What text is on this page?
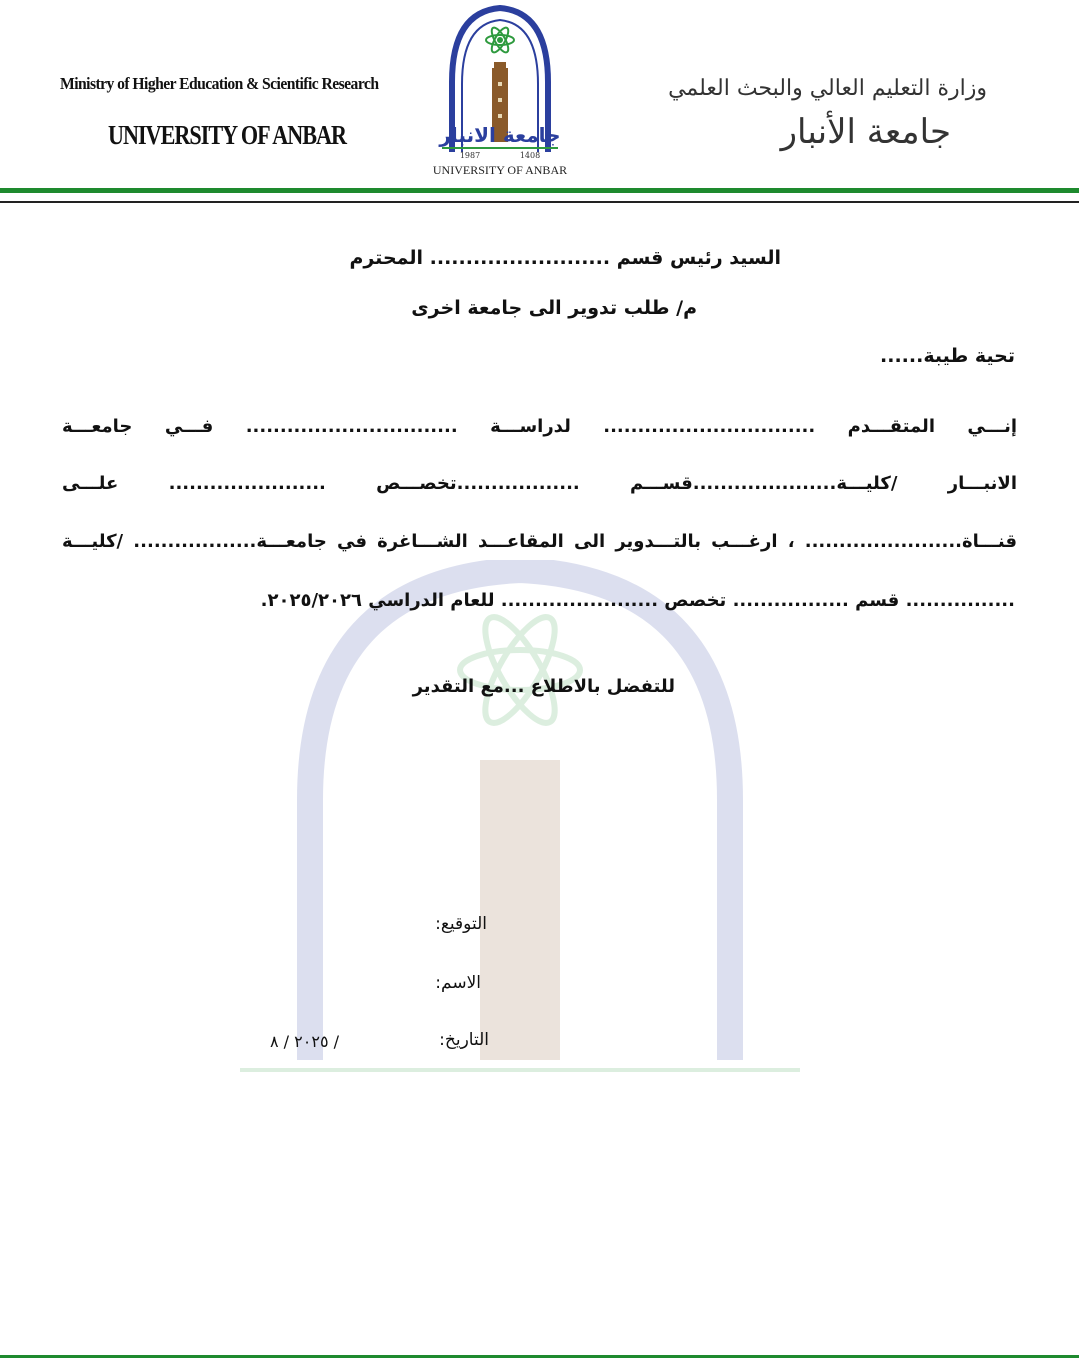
Ministry of Higher Education & Scientific Research
UNIVERSITY OF ANBAR
وزارة التعليم العالي والبحث العلمي
جامعة الأنبار
جامعة الانبار
1987	1408
UNIVERSITY OF ANBAR
السيد رئيس قسم ......................... المحترم
م/ طلب تدوير الى جامعة اخرى
تحية طيبة......
إنـــي المتقـــدم ............................... لدراســـة ............................... فـــي جامعـــة
الانبـــار /كليـــة.....................قســـم ..................تخصـــص ....................... علـــى
قنـــاة....................... ، ارغـــب بالتـــدوير الى المقاعـــد الشـــاغرة في جامعـــة.................. /كليـــة
................ قسم ................. تخصص ....................... للعام الدراسي ٢٠٢٥/٢٠٢٦.
للتفضل بالاطلاع ...مع التقدير
التوقيع:
الاسم:
التاريخ:
٢٠٢٥ / ٨ /
